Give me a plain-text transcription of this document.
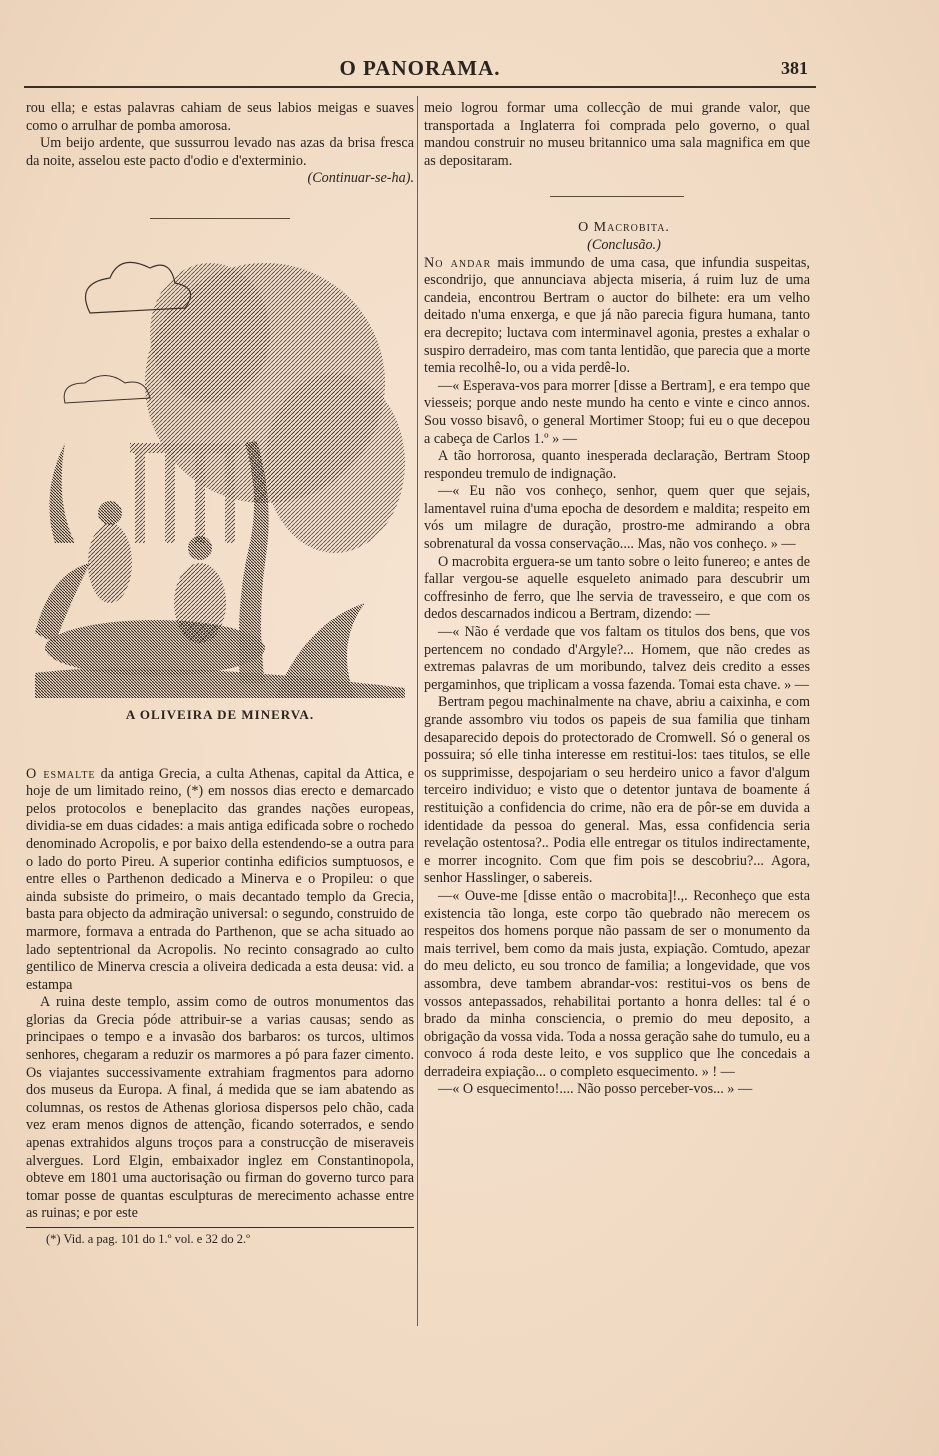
O PANORAMA.	381

rou ella; e estas palavras cahiam de seus labios meigas e suaves como o arrulhar de pomba amorosa.

Um beijo ardente, que sussurrou levado nas azas da brisa fresca da noite, asselou este pacto d'odio e d'exterminio.

(Continuar-se-ha).

A OLIVEIRA DE MINERVA.

O esmalte da antiga Grecia, a culta Athenas, capital da Attica, e hoje de um limitado reino, (*) em nossos dias erecto e demarcado pelos protocolos e beneplacito das grandes nações europeas, dividia-se em duas cidades: a mais antiga edificada sobre o rochedo denominado Acropolis, e por baixo della estendendo-se a outra para o lado do porto Pireu. A superior continha edificios sumptuosos, e entre elles o Parthenon dedicado a Minerva e o Propileu: o que ainda subsiste do primeiro, o mais decantado templo da Grecia, basta para objecto da admiração universal: o segundo, construido de marmore, formava a entrada do Parthenon, que se acha situado ao lado septentrional da Acropolis. No recinto consagrado ao culto gentilico de Minerva crescia a oliveira dedicada a esta deusa: vid. a estampa

A ruina deste templo, assim como de outros monumentos das glorias da Grecia póde attribuir-se a varias causas; sendo as principaes o tempo e a invasão dos barbaros: os turcos, ultimos senhores, chegaram a reduzir os marmores a pó para fazer cimento. Os viajantes successivamente extrahiam fragmentos para adorno dos museus da Europa. A final, á medida que se iam abatendo as columnas, os restos de Athenas gloriosa dispersos pelo chão, cada vez eram menos dignos de attenção, ficando soterrados, e sendo apenas extrahidos alguns troços para a construcção de miseraveis alvergues. Lord Elgin, embaixador inglez em Constantinopola, obteve em 1801 uma auctorisação ou firman do governo turco para tomar posse de quantas esculpturas de merecimento achasse entre as ruinas; e por este

(*) Vid. a pag. 101 do 1.º vol. e 32 do 2.º

meio logrou formar uma collecção de mui grande valor, que transportada a Inglaterra foi comprada pelo governo, o qual mandou construir no museu britannico uma sala magnifica em que as depositaram.

O Macrobita.

(Conclusão.)

No andar mais immundo de uma casa, que infundia suspeitas, escondrijo, que annunciava abjecta miseria, á ruim luz de uma candeia, encontrou Bertram o auctor do bilhete: era um velho deitado n'uma enxerga, e que já não parecia figura humana, tanto era decrepito; luctava com interminavel agonia, prestes a exhalar o suspiro derradeiro, mas com tanta lentidão, que parecia que a morte temia recolhê-lo, ou a vida perdê-lo.

—« Esperava-vos para morrer [disse a Bertram], e era tempo que viesseis; porque ando neste mundo ha cento e vinte e cinco annos. Sou vosso bisavô, o general Mortimer Stoop; fui eu o que decepou a cabeça de Carlos 1.º » —

A tão horrorosa, quanto inesperada declaração, Bertram Stoop respondeu tremulo de indignação.

—« Eu não vos conheço, senhor, quem quer que sejais, lamentavel ruina d'uma epocha de desordem e maldita; respeito em vós um milagre de duração, prostro-me admirando a obra sobrenatural da vossa conservação.... Mas, não vos conheço. » —

O macrobita erguera-se um tanto sobre o leito funereo; e antes de fallar vergou-se aquelle esqueleto animado para descubrir um coffresinho de ferro, que lhe servia de travesseiro, e que com os dedos descarnados indicou a Bertram, dizendo: —

—« Não é verdade que vos faltam os titulos dos bens, que vos pertencem no condado d'Argyle?... Homem, que não credes as extremas palavras de um moribundo, talvez deis credito a esses pergaminhos, que triplicam a vossa fazenda. Tomai esta chave. » —

Bertram pegou machinalmente na chave, abriu a caixinha, e com grande assombro viu todos os papeis de sua familia que tinham desaparecido depois do protectorado de Cromwell. Só o general os possuira; só elle tinha interesse em restitui-los: taes titulos, se elle os supprimisse, despojariam o seu herdeiro unico a favor d'algum terceiro individuo; e visto que o detentor juntava de boamente á restituição a confidencia do crime, não era de pôr-se em duvida a identidade da pessoa do general. Mas, essa confidencia seria revelação ostentosa?.. Podia elle entregar os titulos indirectamente, e morrer incognito. Com que fim pois se descobriu?... Agora, senhor Hasslinger, o sabereis.

—« Ouve-me [disse então o macrobita]!.,. Reconheço que esta existencia tão longa, este corpo tão quebrado não merecem os respeitos dos homens porque não passam de ser o monumento da mais terrivel, bem como da mais justa, expiação. Comtudo, apezar do meu delicto, eu sou tronco de familia; a longevidade, que vos assombra, deve tambem abrandar-vos: restitui-vos os bens de vossos antepassados, rehabilitai portanto a honra delles: tal é o brado da minha consciencia, o premio do meu deposito, a obrigação da vossa vida. Toda a nossa geração sahe do tumulo, eu a convoco á roda deste leito, e vos supplico que lhe concedais a derradeira expiação... o completo esquecimento. » ! —

—« O esquecimento!.... Não posso perceber-vos... » —
